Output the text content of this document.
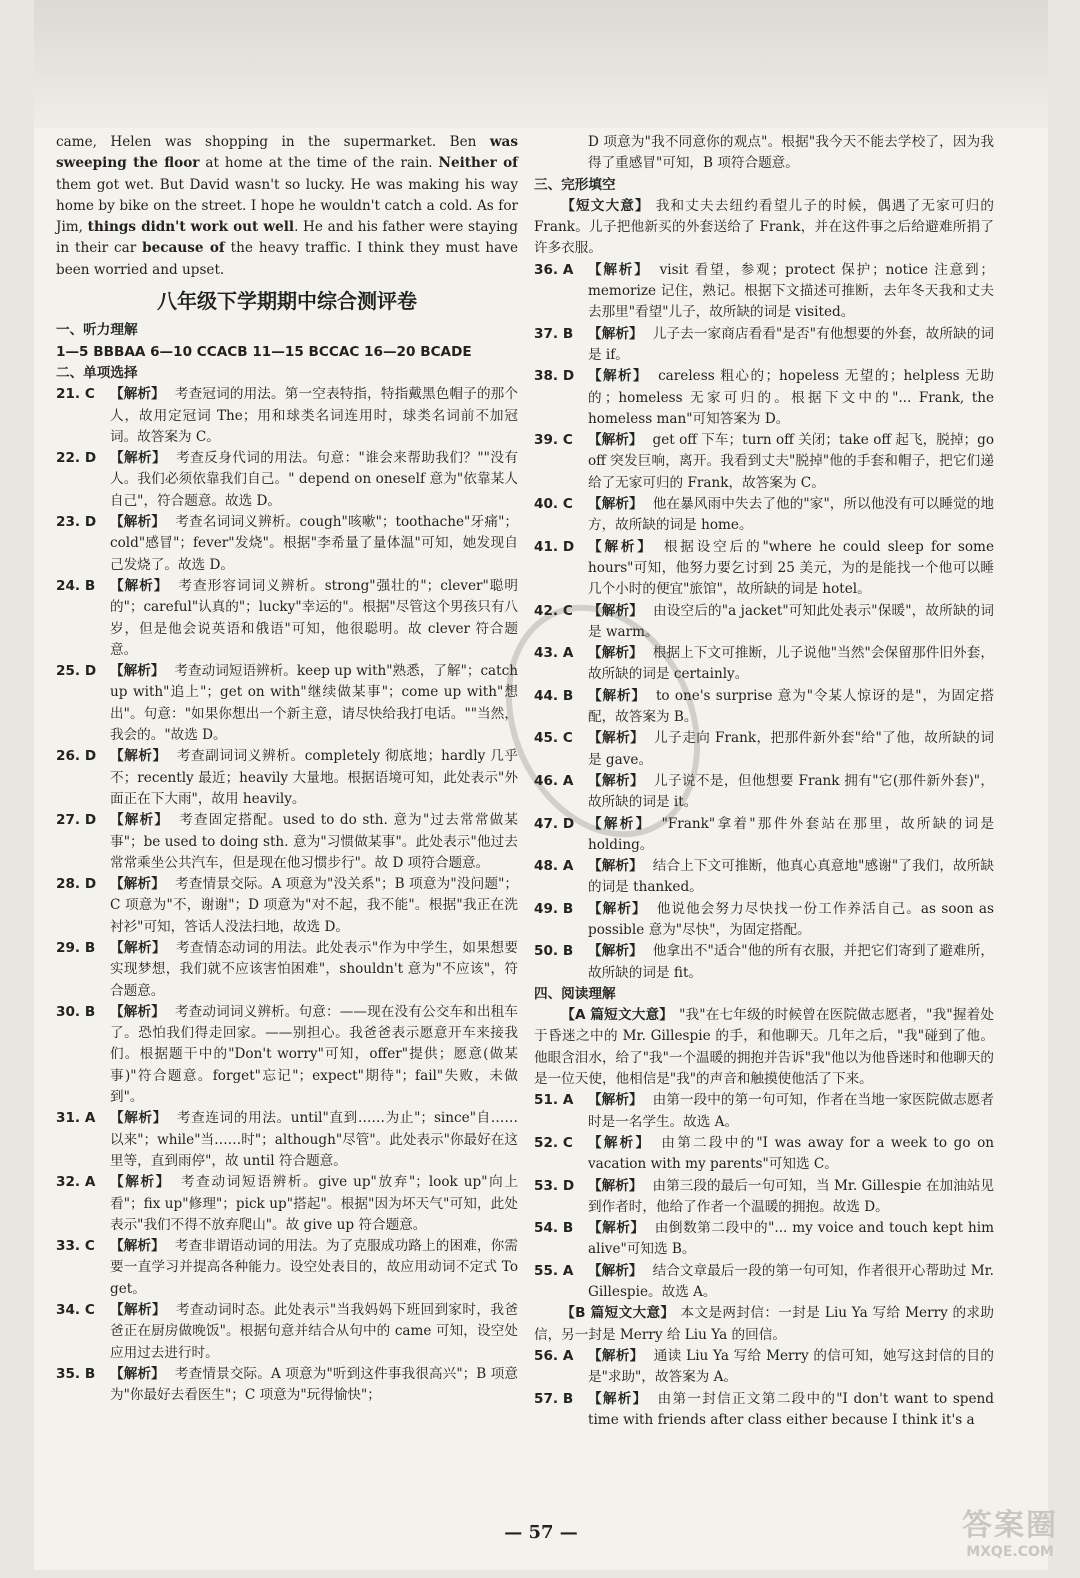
came, Helen was shopping in the supermarket. Ben was sweeping the floor at home at the time of the rain. Neither of them got wet. But David wasn't so lucky. He was making his way home by bike on the street. I hope he wouldn't catch a cold. As for Jim, things didn't work out well. He and his father were staying in their car because of the heavy traffic. I think they must have been worried and upset.

八年级下学期期中综合测评卷

一、听力理解

1—5 BBBAA 6—10 CCACB 11—15 BCCAC 16—20 BCADE

二、单项选择

21. C	【解析】 考查冠词的用法。第一空表特指，特指戴黑色帽子的那个人，故用定冠词 The；用和球类名词连用时，球类名词前不加冠词。故答案为 C。
22. D	【解析】 考查反身代词的用法。句意："谁会来帮助我们？""没有人。我们必须依靠我们自己。" depend on oneself 意为"依靠某人自己"，符合题意。故选 D。
23. D	【解析】 考查名词词义辨析。cough"咳嗽"；toothache"牙痛"；cold"感冒"；fever"发烧"。根据"李希量了量体温"可知，她发现自己发烧了。故选 D。
24. B	【解析】 考查形容词词义辨析。strong"强壮的"；clever"聪明的"；careful"认真的"；lucky"幸运的"。根据"尽管这个男孩只有八岁，但是他会说英语和俄语"可知，他很聪明。故 clever 符合题意。
25. D	【解析】 考查动词短语辨析。keep up with"熟悉，了解"；catch up with"追上"；get on with"继续做某事"；come up with"想出"。句意："如果你想出一个新主意，请尽快给我打电话。""当然，我会的。"故选 D。
26. D	【解析】 考查副词词义辨析。completely 彻底地；hardly 几乎不；recently 最近；heavily 大量地。根据语境可知，此处表示"外面正在下大雨"，故用 heavily。
27. D	【解析】 考查固定搭配。used to do sth. 意为"过去常常做某事"；be used to doing sth. 意为"习惯做某事"。此处表示"他过去常常乘坐公共汽车，但是现在他习惯步行"。故 D 项符合题意。
28. D	【解析】 考查情景交际。A 项意为"没关系"；B 项意为"没问题"；C 项意为"不，谢谢"；D 项意为"对不起，我不能"。根据"我正在洗衬衫"可知，答话人没法扫地，故选 D。
29. B	【解析】 考查情态动词的用法。此处表示"作为中学生，如果想要实现梦想，我们就不应该害怕困难"，shouldn't 意为"不应该"，符合题意。
30. B	【解析】 考查动词词义辨析。句意：——现在没有公交车和出租车了。恐怕我们得走回家。——别担心。我爸爸表示愿意开车来接我们。根据题干中的"Don't worry"可知，offer"提供；愿意(做某事)"符合题意。forget"忘记"；expect"期待"；fail"失败，未做到"。
31. A	【解析】 考查连词的用法。until"直到……为止"；since"自……以来"；while"当……时"；although"尽管"。此处表示"你最好在这里等，直到雨停"，故 until 符合题意。
32. A	【解析】 考查动词短语辨析。give up"放弃"；look up"向上看"；fix up"修理"；pick up"搭起"。根据"因为坏天气"可知，此处表示"我们不得不放弃爬山"。故 give up 符合题意。
33. C	【解析】 考查非谓语动词的用法。为了克服成功路上的困难，你需要一直学习并提高各种能力。设空处表目的，故应用动词不定式 To get。
34. C	【解析】 考查动词时态。此处表示"当我妈妈下班回到家时，我爸爸正在厨房做晚饭"。根据句意并结合从句中的 came 可知，设空处应用过去进行时。
35. B	【解析】 考查情景交际。A 项意为"听到这件事我很高兴"；B 项意为"你最好去看医生"；C 项意为"玩得愉快"；

D 项意为"我不同意你的观点"。根据"我今天不能去学校了，因为我得了重感冒"可知，B 项符合题意。

三、完形填空

【短文大意】 我和丈夫去纽约看望儿子的时候，偶遇了无家可归的 Frank。儿子把他新买的外套送给了 Frank，并在这件事之后给避难所捐了许多衣服。

36. A	【解析】 visit 看望，参观；protect 保护；notice 注意到；memorize 记住，熟记。根据下文描述可推断，去年冬天我和丈夫去那里"看望"儿子，故所缺的词是 visited。
37. B	【解析】 儿子去一家商店看看"是否"有他想要的外套，故所缺的词是 if。
38. D	【解析】 careless 粗心的；hopeless 无望的；helpless 无助的；homeless 无家可归的。根据下文中的"... Frank, the homeless man"可知答案为 D。
39. C	【解析】 get off 下车；turn off 关闭；take off 起飞，脱掉；go off 突发巨响，离开。我看到丈夫"脱掉"他的手套和帽子，把它们递给了无家可归的 Frank，故答案为 C。
40. C	【解析】 他在暴风雨中失去了他的"家"，所以他没有可以睡觉的地方，故所缺的词是 home。
41. D	【解析】 根据设空后的"where he could sleep for some hours"可知，他努力要乞讨到 25 美元，为的是能找一个他可以睡几个小时的便宜"旅馆"，故所缺的词是 hotel。
42. C	【解析】 由设空后的"a jacket"可知此处表示"保暖"，故所缺的词是 warm。
43. A	【解析】 根据上下文可推断，儿子说他"当然"会保留那件旧外套，故所缺的词是 certainly。
44. B	【解析】 to one's surprise 意为"令某人惊讶的是"，为固定搭配，故答案为 B。
45. C	【解析】 儿子走向 Frank，把那件新外套"给"了他，故所缺的词是 gave。
46. A	【解析】 儿子说不是，但他想要 Frank 拥有"它(那件新外套)"，故所缺的词是 it。
47. D	【解析】 "Frank"拿着"那件外套站在那里，故所缺的词是 holding。
48. A	【解析】 结合上下文可推断，他真心真意地"感谢"了我们，故所缺的词是 thanked。
49. B	【解析】 他说他会努力尽快找一份工作养活自己。as soon as possible 意为"尽快"，为固定搭配。
50. B	【解析】 他拿出不"适合"他的所有衣服，并把它们寄到了避难所，故所缺的词是 fit。

四、阅读理解

【A 篇短文大意】 "我"在七年级的时候曾在医院做志愿者，"我"握着处于昏迷之中的 Mr. Gillespie 的手，和他聊天。几年之后，"我"碰到了他。他眼含泪水，给了"我"一个温暖的拥抱并告诉"我"他以为他昏迷时和他聊天的是一位天使，他相信是"我"的声音和触摸使他活了下来。

51. A	【解析】 由第一段中的第一句可知，作者在当地一家医院做志愿者时是一名学生。故选 A。
52. C	【解析】 由第二段中的"I was away for a week to go on vacation with my parents"可知选 C。
53. D	【解析】 由第三段的最后一句可知，当 Mr. Gillespie 在加油站见到作者时，他给了作者一个温暖的拥抱。故选 D。
54. B	【解析】 由倒数第二段中的"... my voice and touch kept him alive"可知选 B。
55. A	【解析】 结合文章最后一段的第一句可知，作者很开心帮助过 Mr. Gillespie。故选 A。

【B 篇短文大意】 本文是两封信：一封是 Liu Ya 写给 Merry 的求助信，另一封是 Merry 给 Liu Ya 的回信。

56. A	【解析】 通读 Liu Ya 写给 Merry 的信可知，她写这封信的目的是"求助"，故答案为 A。
57. B	【解析】 由第一封信正文第二段中的"I don't want to spend time with friends after class either because I think it's a
— 57 —	答案圈
MXQE.COM
